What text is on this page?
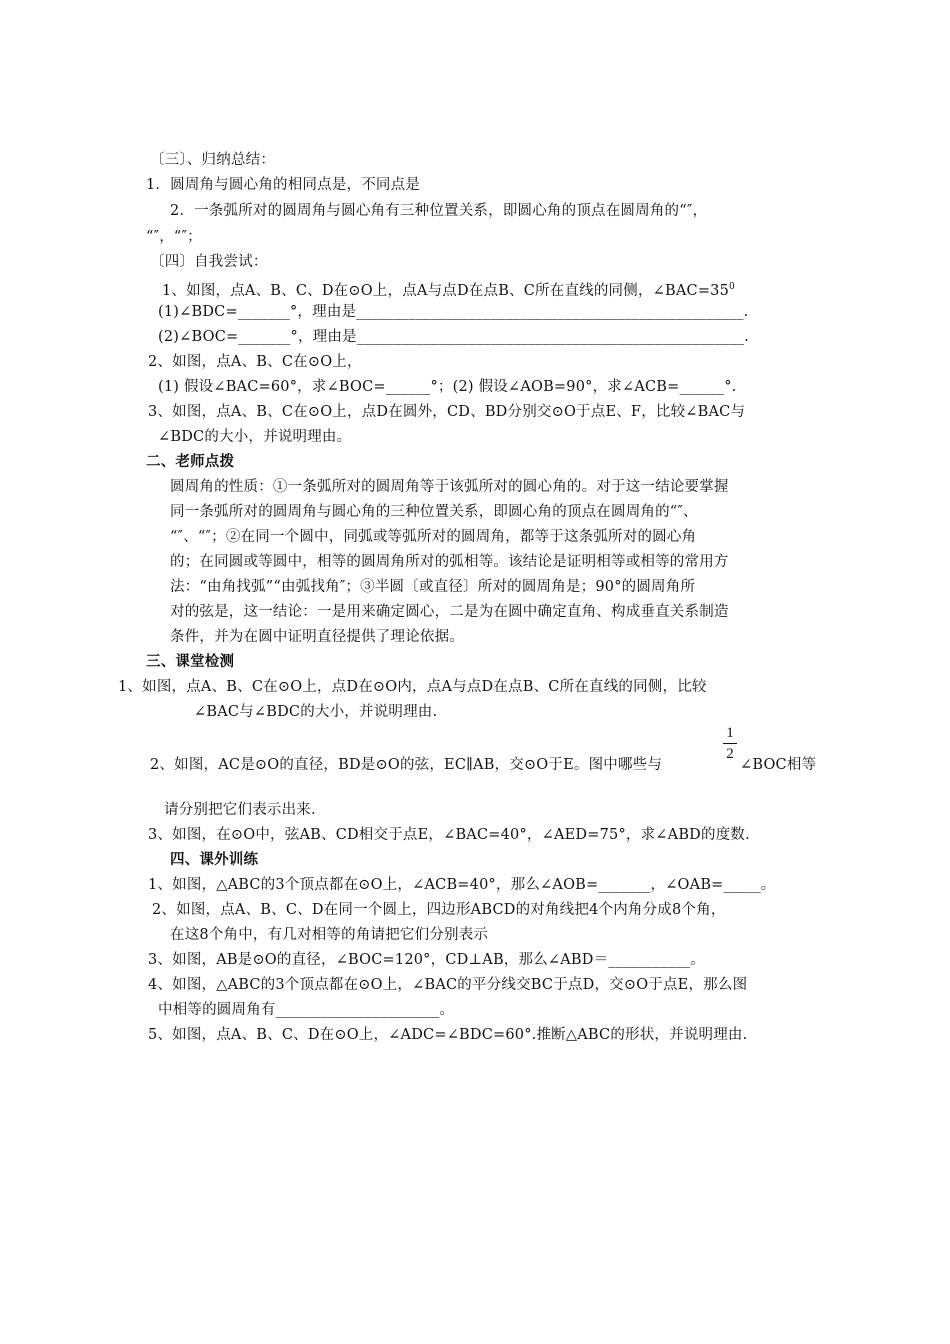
〔三〕、归纳总结：
1．圆周角与圆心角的相同点是，不同点是
2．一条弧所对的圆周角与圆心角有三种位置关系，即圆心角的顶点在圆周角的“″，
“″，“″；
〔四〕自我尝试：
1、如图，点A、B、C、D在⊙O上，点A与点D在点B、C所在直线的同侧，$\angle BAC=35^0$
(1)∠BDC=_______°，理由是____________________________________________________.
(2)∠BOC=_______°，理由是____________________________________________________.
2、如图，点A、B、C在⊙O上，
(1) 假设∠BAC=60°，求∠BOC=______°；(2) 假设∠AOB=90°，求∠ACB=______°.
3、如图，点A、B、C在⊙O上，点D在圆外，CD、BD分别交⊙O于点E、F，比较∠BAC与
∠BDC的大小，并说明理由。
二、老师点拨
圆周角的性质：①一条弧所对的圆周角等于该弧所对的圆心角的。对于这一结论要掌握
同一条弧所对的圆周角与圆心角的三种位置关系，即圆心角的顶点在圆周角的“″、
“″、“″；②在同一个圆中，同弧或等弧所对的圆周角，都等于这条弧所对的圆心角
的；在同圆或等圆中，相等的圆周角所对的弧相等。该结论是证明相等或相等的常用方
法：“由角找弧”“由弧找角″；③半圆〔或直径〕所对的圆周角是；90°的圆周角所
对的弦是，这一结论：一是用来确定圆心，二是为在圆中确定直角、构成垂直关系制造
条件，并为在圆中证明直径提供了理论依据。
三、课堂检测
1、如图，点A、B、C在⊙O上，点D在⊙O内，点A与点D在点B、C所在直线的同侧，比较
∠BAC与∠BDC的大小，并说明理由.
2、如图，AC是⊙O的直径，BD是⊙O的弦，EC∥AB，交⊙O于E。图中哪些与
1
2
∠BOC相等
请分别把它们表示出来.
3、如图，在⊙O中，弦AB、CD相交于点E，∠BAC=40°，∠AED=75°，求∠ABD的度数.
四、课外训练
1、如图，△ABC的3个顶点都在⊙O上，∠ACB=40°，那么∠AOB=_______，∠OAB=_____。
2、如图，点A、B、C、D在同一个圆上，四边形ABCD的对角线把4个内角分成8个角，
在这8个角中，有几对相等的角请把它们分别表示
3、如图，AB是⊙O的直径，∠BOC=120°，CD⊥AB，那么∠ABD＝___________。
4、如图，△ABC的3个顶点都在⊙O上，∠BAC的平分线交BC于点D，交⊙O于点E，那么图
中相等的圆周角有______________________。
5、如图，点A、B、C、D在⊙O上，∠ADC=∠BDC=60°.推断△ABC的形状，并说明理由.
